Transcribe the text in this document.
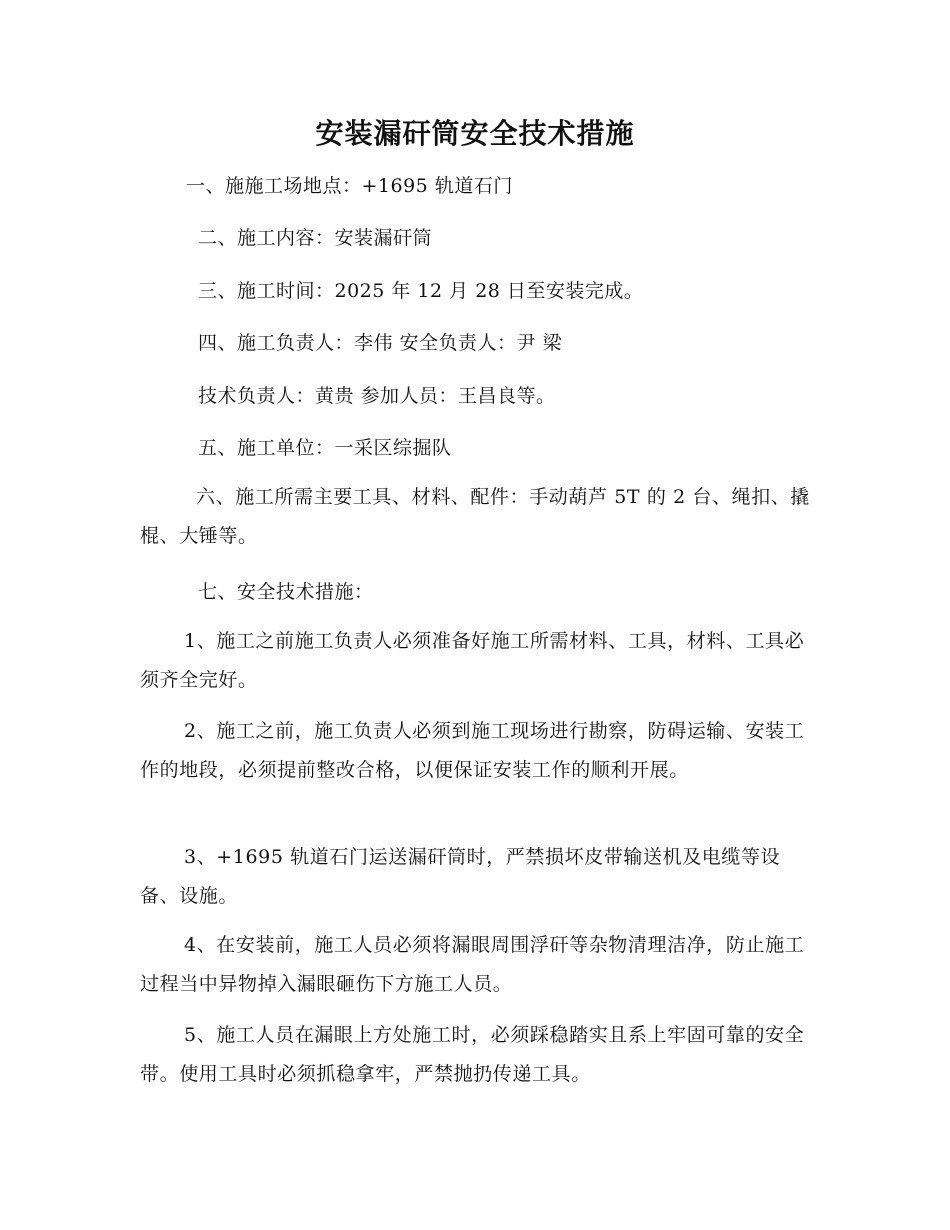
安装漏矸筒安全技术措施
一、施施工场地点：+1695 轨道石门
二、施工内容：安装漏矸筒
三、施工时间：2025 年 12 月 28 日至安装完成。
四、施工负责人：李伟 安全负责人：尹 梁
技术负责人：黄贵 参加人员：王昌良等。
五、施工单位：一采区综掘队
六、施工所需主要工具、材料、配件：手动葫芦 5T 的 2 台、绳扣、撬棍、大锤等。
七、安全技术措施：
1、施工之前施工负责人必须准备好施工所需材料、工具，材料、工具必须齐全完好。
2、施工之前，施工负责人必须到施工现场进行勘察，防碍运输、安装工作的地段，必须提前整改合格，以便保证安装工作的顺利开展。
3、+1695 轨道石门运送漏矸筒时，严禁损坏皮带输送机及电缆等设备、设施。
4、在安装前，施工人员必须将漏眼周围浮矸等杂物清理洁净，防止施工过程当中异物掉入漏眼砸伤下方施工人员。
5、施工人员在漏眼上方处施工时，必须踩稳踏实且系上牢固可靠的安全带。使用工具时必须抓稳拿牢，严禁抛扔传递工具。
